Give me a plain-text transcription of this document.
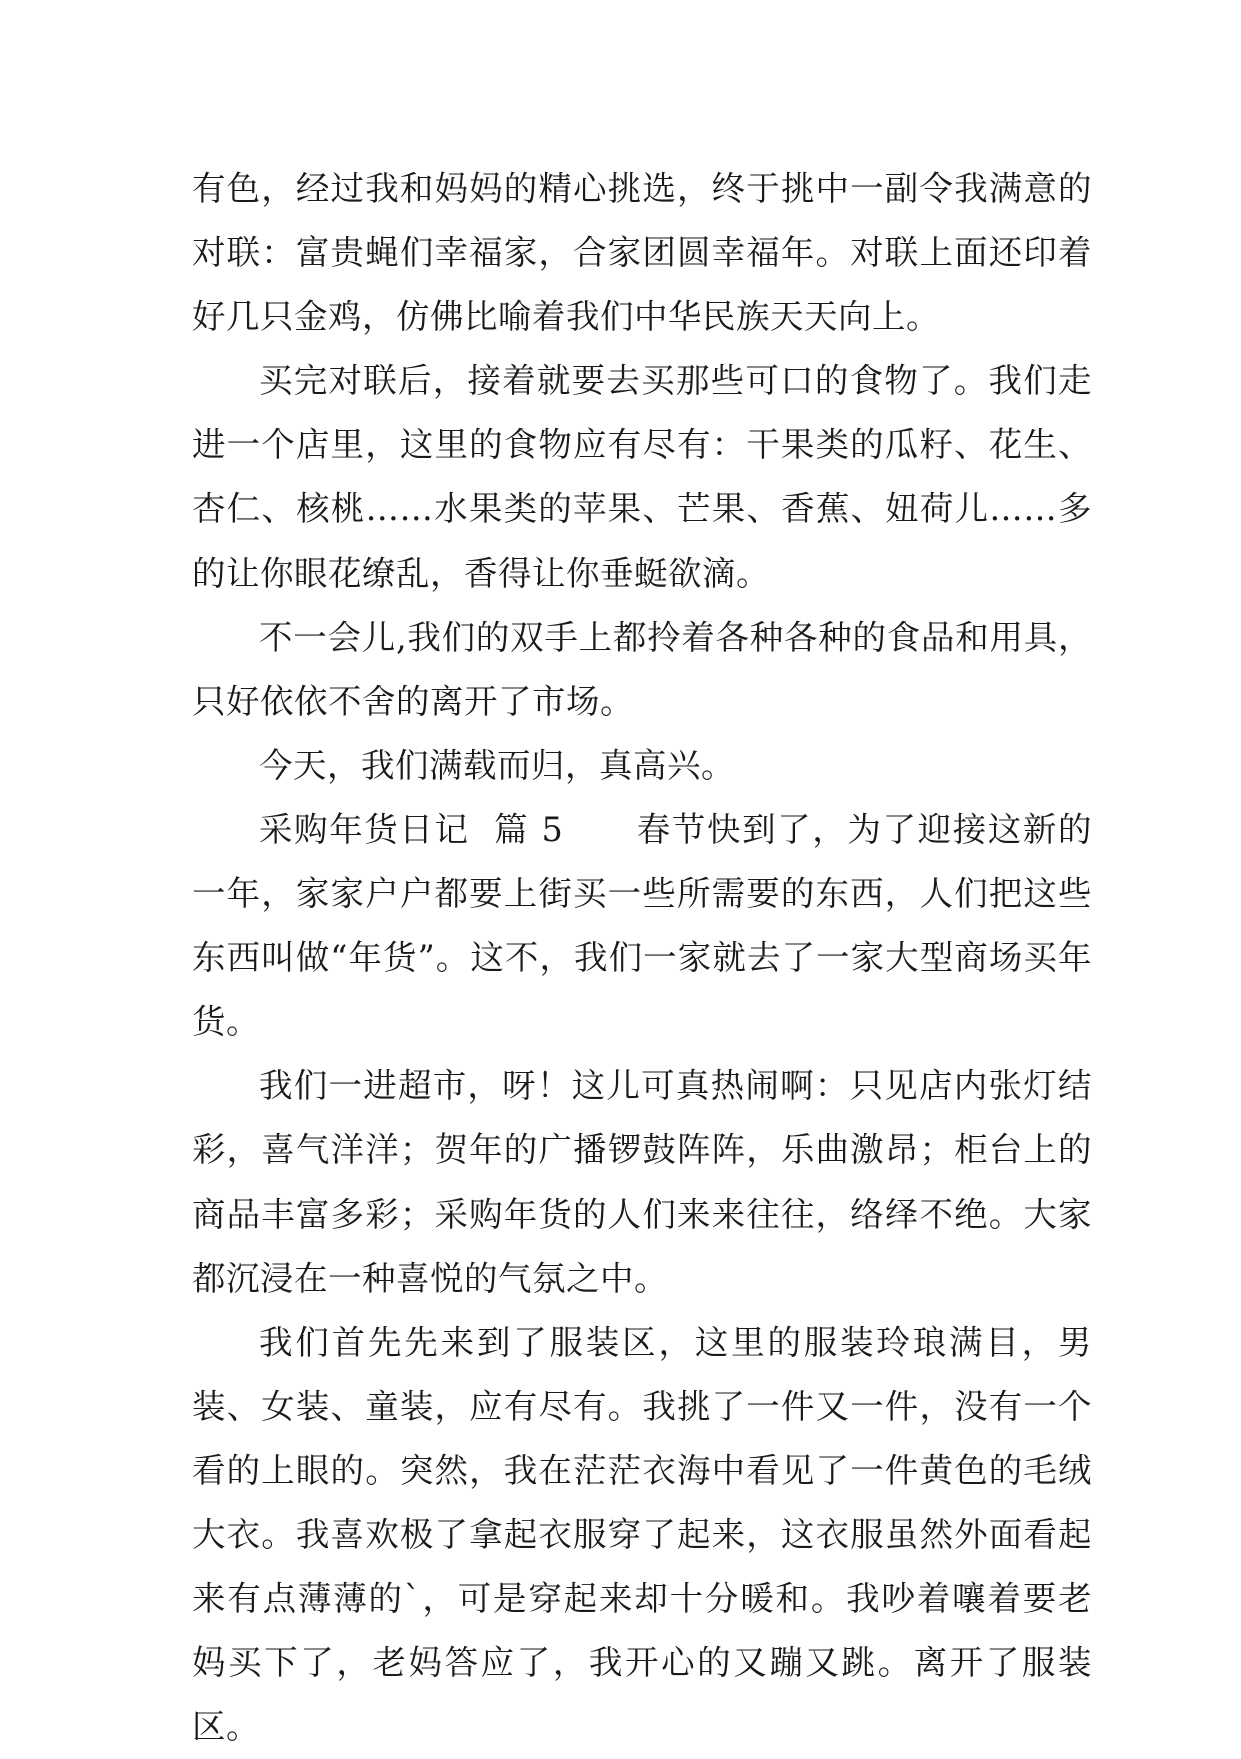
有色，经过我和妈妈的精心挑选，终于挑中一副令我满意的对联：富贵蝇们幸福家，合家团圆幸福年。对联上面还印着好几只金鸡，仿佛比喻着我们中华民族天天向上。

买完对联后，接着就要去买那些可口的食物了。我们走进一个店里，这里的食物应有尽有：干果类的瓜籽、花生、杏仁、核桃……水果类的苹果、芒果、香蕉、妞荷儿……多的让你眼花缭乱，香得让你垂蜓欲滴。

不一会儿,我们的双手上都拎着各种各种的食品和用具，只好依依不舍的离开了市场。

今天，我们满载而归，真高兴。

采购年货日记  篇 5      春节快到了，为了迎接这新的一年，家家户户都要上街买一些所需要的东西，人们把这些东西叫做“年货”。这不，我们一家就去了一家大型商场买年货。

我们一进超市，呀！这儿可真热闹啊：只见店内张灯结彩，喜气洋洋；贺年的广播锣鼓阵阵，乐曲激昂；柜台上的商品丰富多彩；采购年货的人们来来往往，络绎不绝。大家都沉浸在一种喜悦的气氛之中。

我们首先先来到了服装区，这里的服装玲琅满目，男装、女装、童装，应有尽有。我挑了一件又一件，没有一个看的上眼的。突然，我在茫茫衣海中看见了一件黄色的毛绒大衣。我喜欢极了拿起衣服穿了起来，这衣服虽然外面看起来有点薄薄的`，可是穿起来却十分暖和。我吵着嚷着要老妈买下了，老妈答应了，我开心的又蹦又跳。离开了服装区。
